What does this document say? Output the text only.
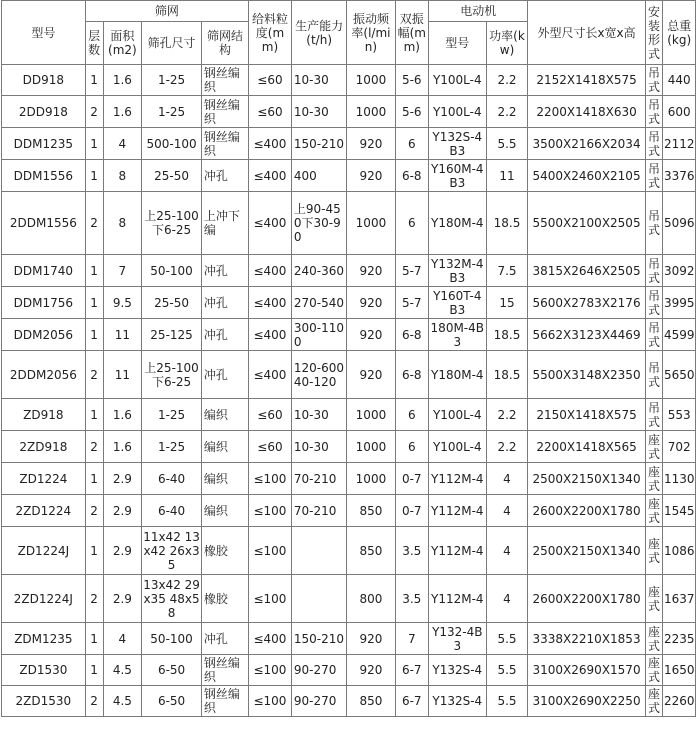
型号	筛网				给料粒度(mm)	生产能力(t/h)	振动频率(l/min)	双振幅(mm)	电动机		外型尺寸长x宽x高	安装形式	总重(kg)
	层数	面积(m2)	筛孔尺寸	筛网结构					型号	功率(kw)			
DD918	1	1.6	1-25	钢丝编织	≤60	10-30	1000	5-6	Y100L-4	2.2	2152X1418X575	吊式	440
2DD918	2	1.6	1-25	钢丝编织	≤60	10-30	1000	5-6	Y100L-4	2.2	2200X1418X630	吊式	600
DDM1235	1	4	500-100	钢丝编织	≤400	150-210	920	6	Y132S-4B3	5.5	3500X2166X2034	吊式	2112
DDM1556	1	8	25-50	冲孔	≤400	400	920	6-8	Y160M-4B3	11	5400X2460X2105	吊式	3376
2DDM1556	2	8	上25-100下6-25	上冲下编	≤400	上90-450下30-90	1000	6	Y180M-4	18.5	5500X2100X2505	吊式	5096
DDM1740	1	7	50-100	冲孔	≤400	240-360	920	5-7	Y132M-4B3	7.5	3815X2646X2505	吊式	3092
DDM1756	1	9.5	25-50	冲孔	≤400	270-540	920	5-7	Y160T-4B3	15	5600X2783X2176	吊式	3995
DDM2056	1	11	25-125	冲孔	≤400	300-1100	920	6-8	180M-4B3	18.5	5662X3123X4469	吊式	4599
2DDM2056	2	11	上25-100下6-25	冲孔	≤400	120-600 40-120	920	6-8	Y180M-4	18.5	5500X3148X2350	吊式	5650
ZD918	1	1.6	1-25	编织	≤60	10-30	1000	6	Y100L-4	2.2	2150X1418X575	吊式	553
2ZD918	2	1.6	1-25	编织	≤60	10-30	1000	6	Y100L-4	2.2	2200X1418X565	座式	702
ZD1224	1	2.9	6-40	编织	≤100	70-210	1000	0-7	Y112M-4	4	2500X2150X1340	座式	1130
2ZD1224	2	2.9	6-40	编织	≤100	70-210	850	0-7	Y112M-4	4	2600X2200X1780	座式	1545
ZD1224J	1	2.9	11x42 13x42 26x35	橡胶	≤100		850	3.5	Y112M-4	4	2500X2150X1340	座式	1086
2ZD1224J	2	2.9	13x42 29x35 48x58	橡胶	≤100		800	3.5	Y112M-4	4	2600X2200X1780	座式	1637
ZDM1235	1	4	50-100	冲孔	≤400	150-210	920	7	Y132-4B3	5.5	3338X2210X1853	座式	2235
ZD1530	1	4.5	6-50	钢丝编织	≤100	90-270	920	6-7	Y132S-4	5.5	3100X2690X1570	座式	1650
2ZD1530	2	4.5	6-50	钢丝编织	≤100	90-270	850	6-7	Y132S-4	5.5	3100X2690X2250	座式	2260
